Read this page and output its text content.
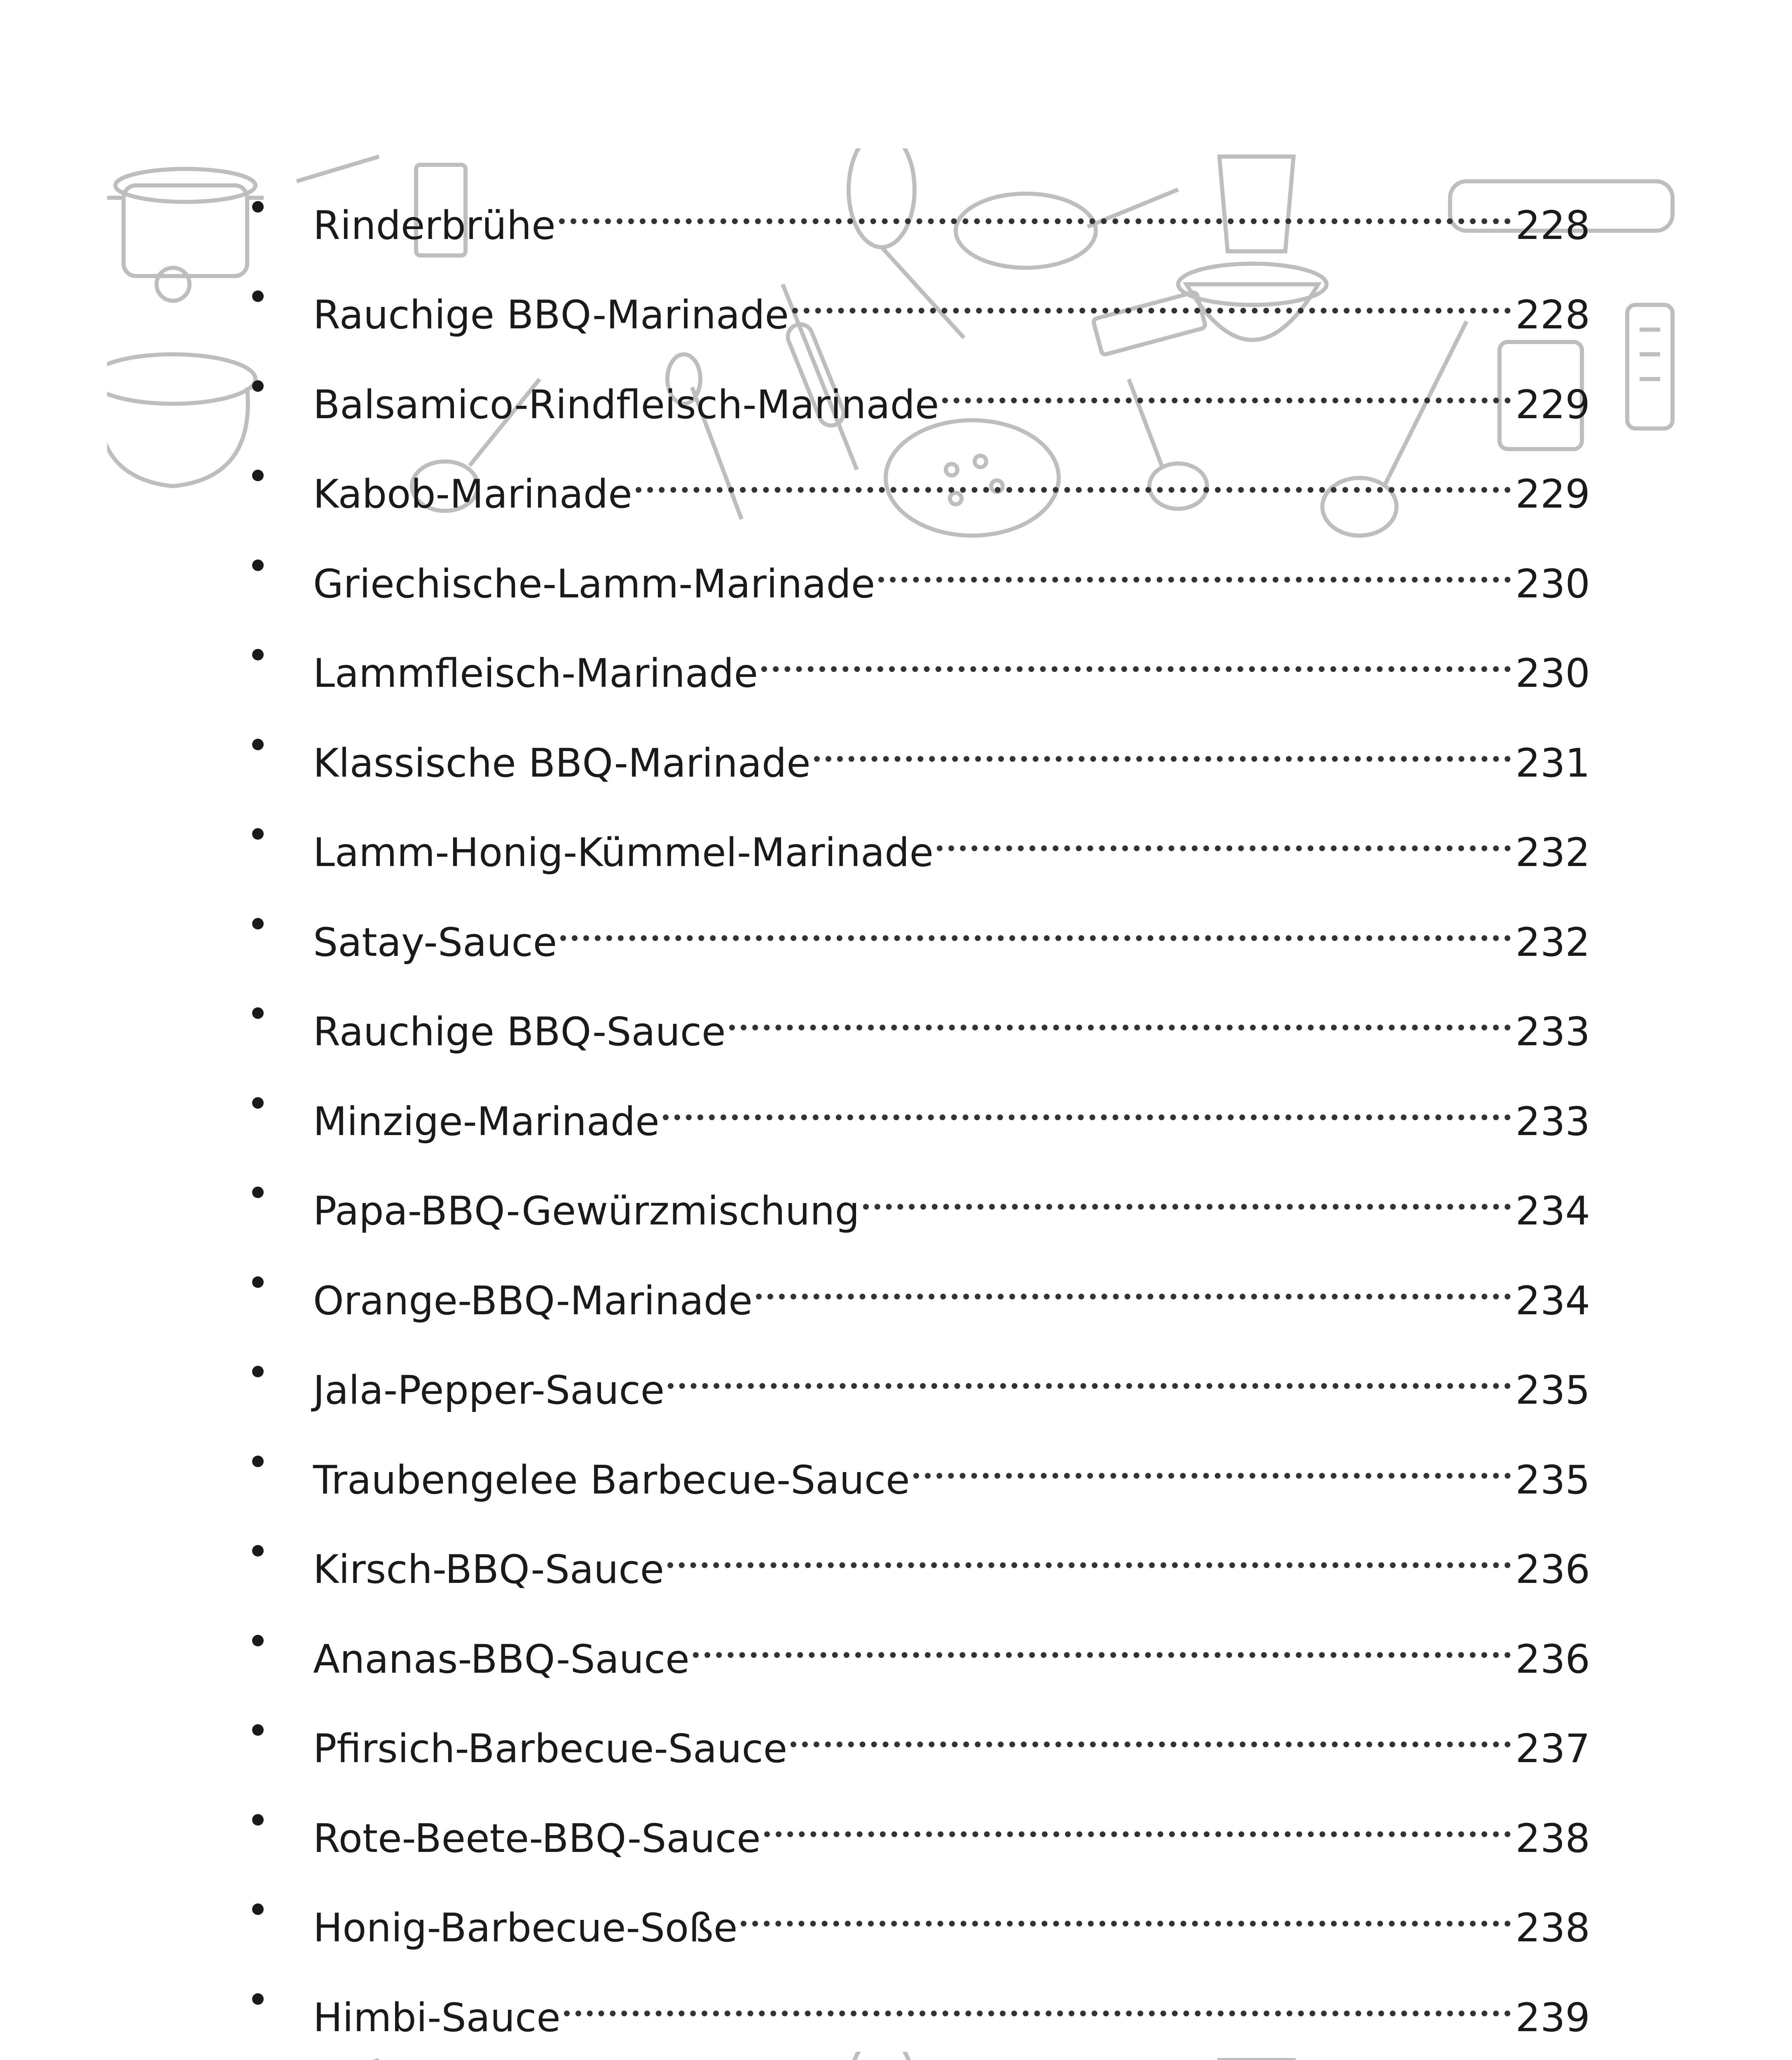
Rinderbrühe	228
Rauchige BBQ-Marinade	228
Balsamico-Rindfleisch-Marinade	229
Kabob-Marinade	229
Griechische-Lamm-Marinade	230
Lammfleisch-Marinade	230
Klassische BBQ-Marinade	231
Lamm-Honig-Kümmel-Marinade	232
Satay-Sauce	232
Rauchige BBQ-Sauce	233
Minzige-Marinade	233
Papa-BBQ-Gewürzmischung	234
Orange-BBQ-Marinade	234
Jala-Pepper-Sauce	235
Traubengelee Barbecue-Sauce	235
Kirsch-BBQ-Sauce	236
Ananas-BBQ-Sauce	236
Pfirsich-Barbecue-Sauce	237
Rote-Beete-BBQ-Sauce	238
Honig-Barbecue-Soße	238
Himbi-Sauce	239
